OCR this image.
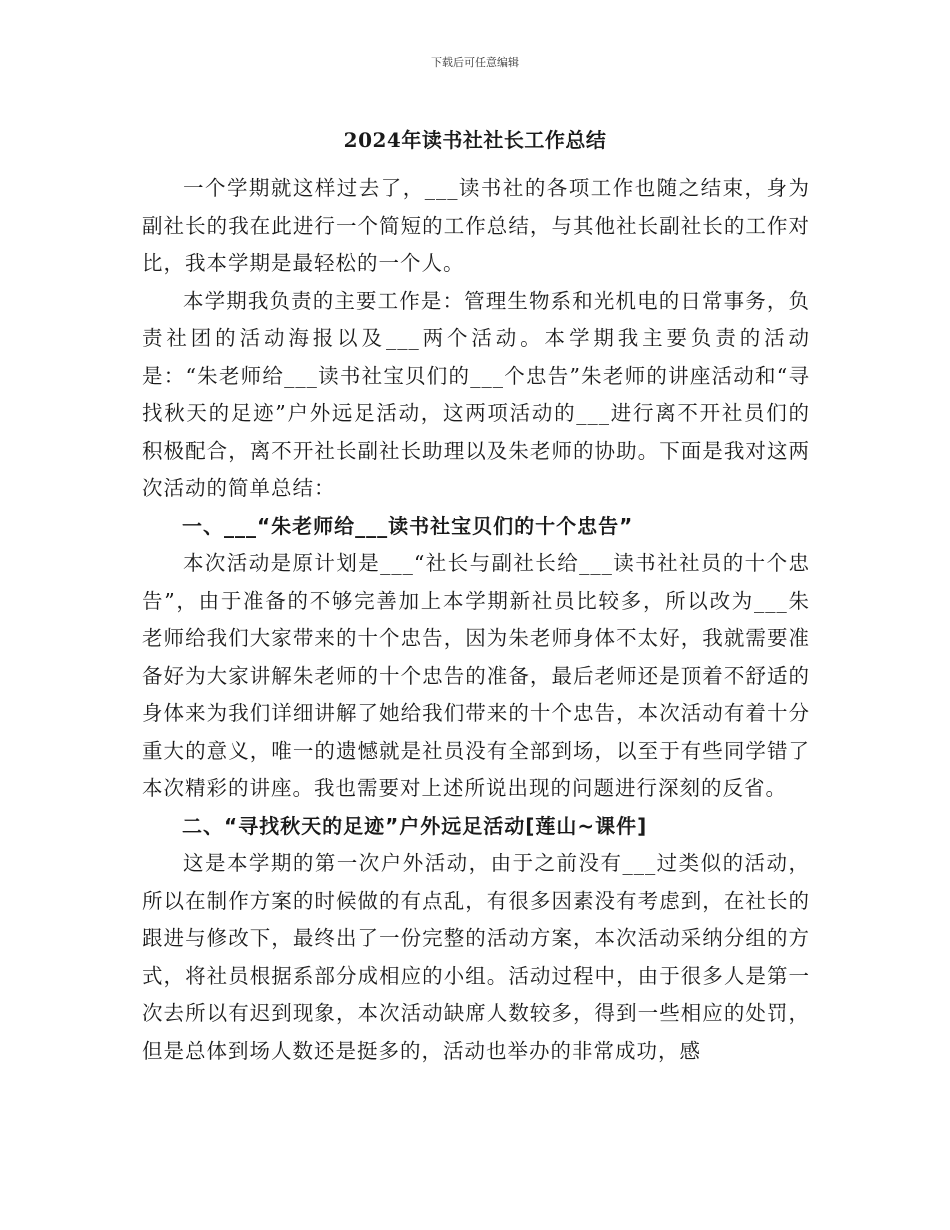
下载后可任意编辑
2024年读书社社长工作总结

一个学期就这样过去了，___读书社的各项工作也随之结束，身为副社长的我在此进行一个简短的工作总结，与其他社长副社长的工作对比，我本学期是最轻松的一个人。

本学期我负责的主要工作是：管理生物系和光机电的日常事务，负责社团的活动海报以及___两个活动。本学期我主要负责的活动是：“朱老师给___读书社宝贝们的___个忠告”朱老师的讲座活动和“寻找秋天的足迹”户外远足活动，这两项活动的___进行离不开社员们的积极配合，离不开社长副社长助理以及朱老师的协助。下面是我对这两次活动的简单总结：

一、___“朱老师给___读书社宝贝们的十个忠告”

本次活动是原计划是___“社长与副社长给___读书社社员的十个忠告”，由于准备的不够完善加上本学期新社员比较多，所以改为___朱老师给我们大家带来的十个忠告，因为朱老师身体不太好，我就需要准备好为大家讲解朱老师的十个忠告的准备，最后老师还是顶着不舒适的身体来为我们详细讲解了她给我们带来的十个忠告，本次活动有着十分重大的意义，唯一的遗憾就是社员没有全部到场，以至于有些同学错了本次精彩的讲座。我也需要对上述所说出现的问题进行深刻的反省。

二、“寻找秋天的足迹”户外远足活动[莲山~课件]

这是本学期的第一次户外活动，由于之前没有___过类似的活动，所以在制作方案的时候做的有点乱，有很多因素没有考虑到，在社长的跟进与修改下，最终出了一份完整的活动方案，本次活动采纳分组的方式，将社员根据系部分成相应的小组。活动过程中，由于很多人是第一次去所以有迟到现象，本次活动缺席人数较多，得到一些相应的处罚，但是总体到场人数还是挺多的，活动也举办的非常成功，感
